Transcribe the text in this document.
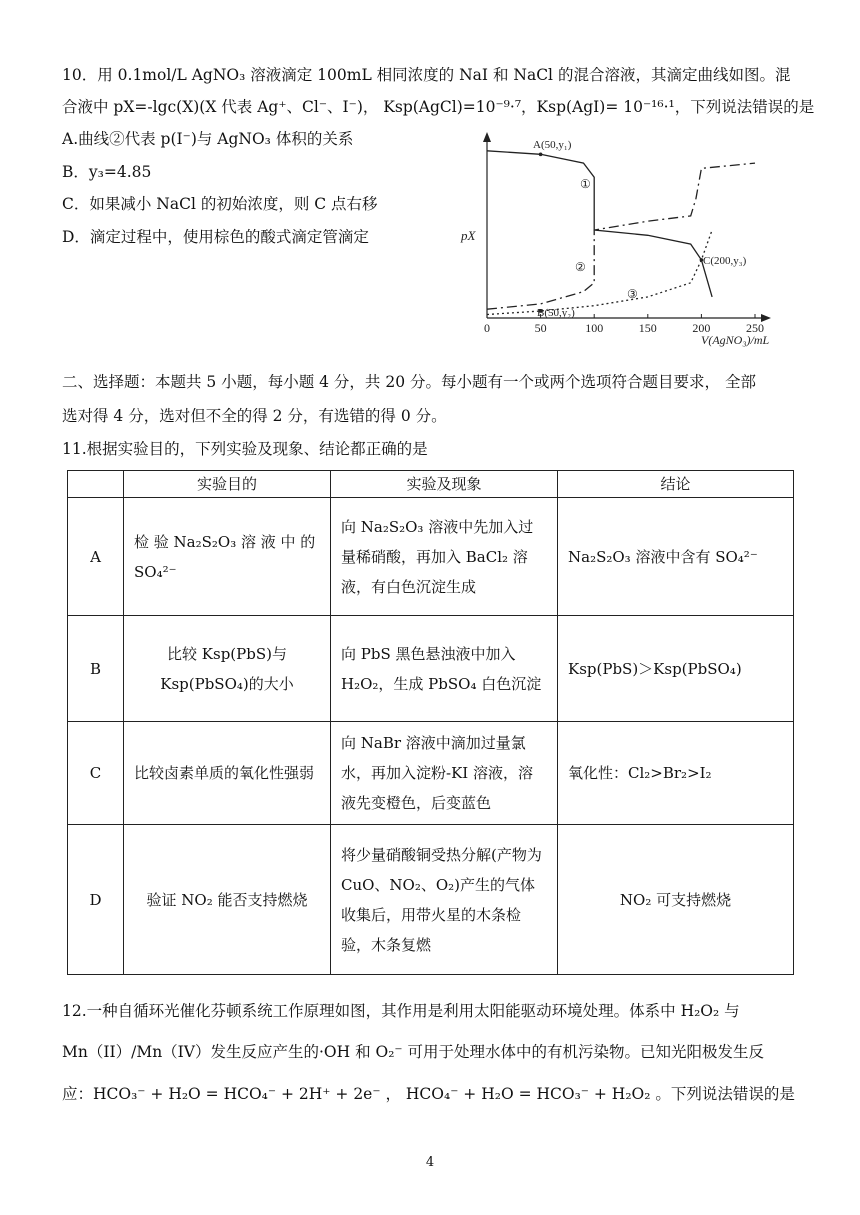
10．用 0.1mol/L AgNO₃ 溶液滴定 100mL 相同浓度的 NaI 和 NaCl 的混合溶液，其滴定曲线如图。混
合液中 pX=-lgc(X)(X 代表 Ag⁺、Cl⁻、I⁻)， Ksp(AgCl)=10⁻⁹·⁷，Ksp(AgI)= 10⁻¹⁶·¹，下列说法错误的是
A.曲线②代表 p(I⁻)与 AgNO₃ 体积的关系
B．y₃=4.85
C．如果减小 NaCl 的初始浓度，则 C 点右移
D．滴定过程中，使用棕色的酸式滴定管滴定	pX
V(AgNO₃)/mL
0	50	100	150	200	250
A(50,y₁)
B(50,y₂)
C(200,y₃)
①
②
③
二、选择题：本题共 5 小题，每小题 4 分，共 20 分。每小题有一个或两个选项符合题目要求， 全部
选对得 4 分，选对但不全的得 2 分，有选错的得 0 分。
11.根据实验目的，下列实验及现象、结论都正确的是
	实验目的	实验及现象	结论
A	检 验 Na₂S₂O₃ 溶 液 中 的 SO₄²⁻	向 Na₂S₂O₃ 溶液中先加入过量稀硝酸，再加入 BaCl₂ 溶液，有白色沉淀生成	Na₂S₂O₃ 溶液中含有 SO₄²⁻
B	比较 Ksp(PbS)与 Ksp(PbSO₄)的大小	向 PbS 黑色悬浊液中加入 H₂O₂，生成 PbSO₄ 白色沉淀	Ksp(PbS)＞Ksp(PbSO₄)
C	比较卤素单质的氧化性强弱	向 NaBr 溶液中滴加过量氯水，再加入淀粉-KI 溶液，溶液先变橙色，后变蓝色	氧化性：Cl₂>Br₂>I₂
D	验证 NO₂ 能否支持燃烧	将少量硝酸铜受热分解(产物为 CuO、NO₂、O₂)产生的气体收集后，用带火星的木条检验，木条复燃	NO₂ 可支持燃烧
12.一种自循环光催化芬顿系统工作原理如图，其作用是利用太阳能驱动环境处理。体系中 H₂O₂ 与
Mn（II）/Mn（IV）发生反应产生的·OH 和 O₂⁻ 可用于处理水体中的有机污染物。已知光阳极发生反
应：HCO₃⁻ + H₂O = HCO₄⁻ + 2H⁺ + 2e⁻ ， HCO₄⁻ + H₂O = HCO₃⁻ + H₂O₂ 。下列说法错误的是
4
